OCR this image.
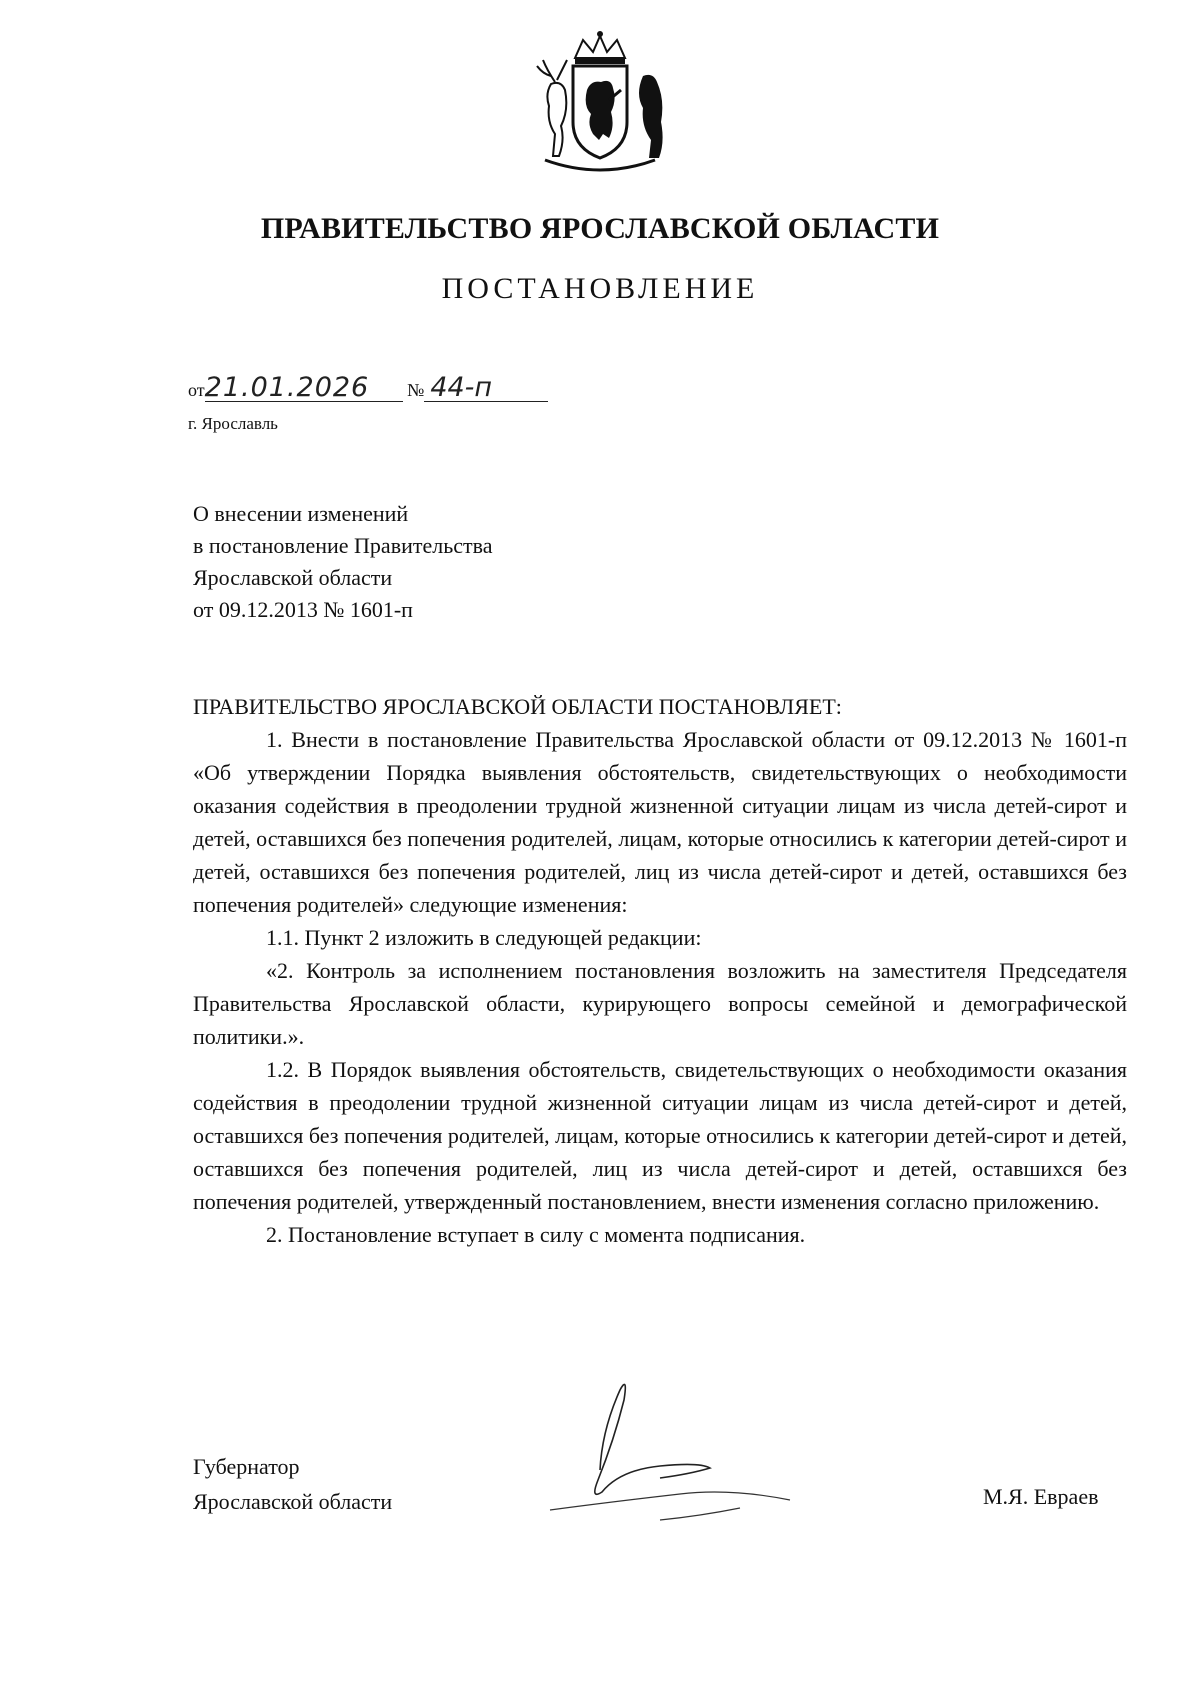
ПРАВИТЕЛЬСТВО ЯРОСЛАВСКОЙ ОБЛАСТИ
ПОСТАНОВЛЕНИЕ
от21.01.2026 № 44-п
г. Ярославль
О внесении изменений
в постановление Правительства
Ярославской области
от 09.12.2013 № 1601-п

ПРАВИТЕЛЬСТВО ЯРОСЛАВСКОЙ ОБЛАСТИ ПОСТАНОВЛЯЕТ:

1. Внести в постановление Правительства Ярославской области от 09.12.2013 № 1601-п «Об утверждении Порядка выявления обстоятельств, свидетельствующих о необходимости оказания содействия в преодолении трудной жизненной ситуации лицам из числа детей-сирот и детей, оставшихся без попечения родителей, лицам, которые относились к категории детей-сирот и детей, оставшихся без попечения родителей, лиц из числа детей-сирот и детей, оставшихся без попечения родителей» следующие изменения:

1.1. Пункт 2 изложить в следующей редакции:

«2. Контроль за исполнением постановления возложить на заместителя Председателя Правительства Ярославской области, курирующего вопросы семейной и демографической политики.».

1.2. В Порядок выявления обстоятельств, свидетельствующих о необходимости оказания содействия в преодолении трудной жизненной ситуации лицам из числа детей-сирот и детей, оставшихся без попечения родителей, лицам, которые относились к категории детей-сирот и детей, оставшихся без попечения родителей, лиц из числа детей-сирот и детей, оставшихся без попечения родителей, утвержденный постановлением, внести изменения согласно приложению.

2. Постановление вступает в силу с момента подписания.

Губернатор
Ярославской области	М.Я. Евраев
